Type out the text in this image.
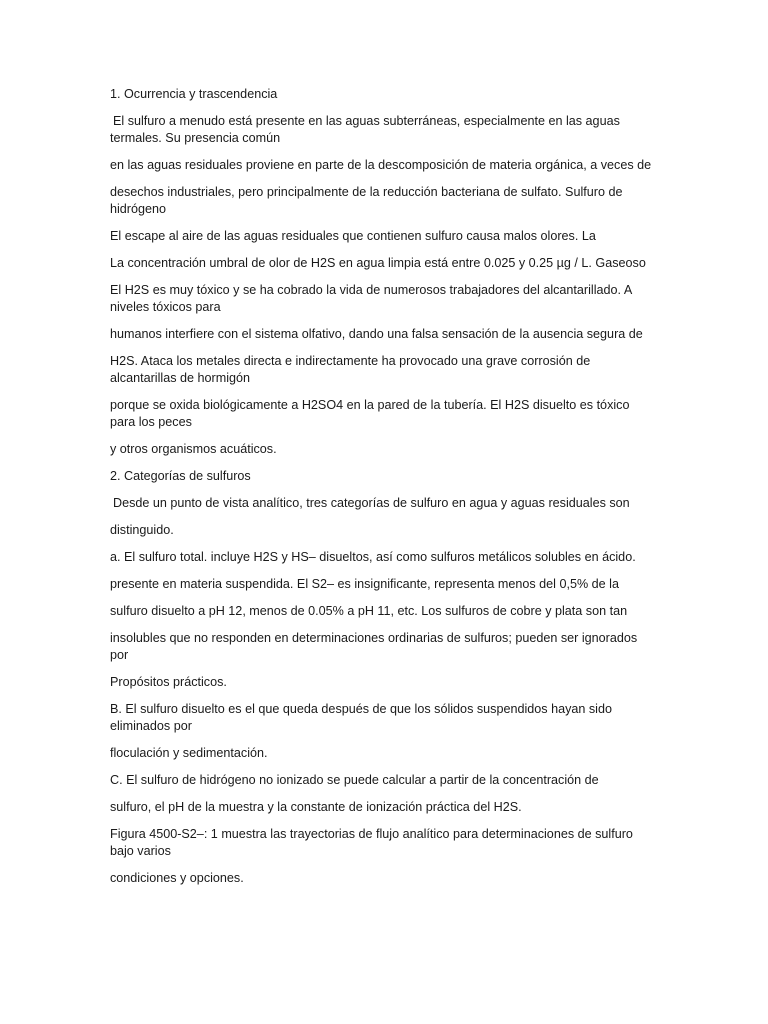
1. Ocurrencia y trascendencia

El sulfuro a menudo está presente en las aguas subterráneas, especialmente en las aguas termales. Su presencia común

en las aguas residuales proviene en parte de la descomposición de materia orgánica, a veces de

desechos industriales, pero principalmente de la reducción bacteriana de sulfato. Sulfuro de hidrógeno

El escape al aire de las aguas residuales que contienen sulfuro causa malos olores. La

La concentración umbral de olor de H2S en agua limpia está entre 0.025 y 0.25 µg / L. Gaseoso

El H2S es muy tóxico y se ha cobrado la vida de numerosos trabajadores del alcantarillado. A niveles tóxicos para

humanos interfiere con el sistema olfativo, dando una falsa sensación de la ausencia segura de

H2S. Ataca los metales directa e indirectamente ha provocado una grave corrosión de alcantarillas de hormigón

porque se oxida biológicamente a H2SO4 en la pared de la tubería. El H2S disuelto es tóxico para los peces

y otros organismos acuáticos.

2. Categorías de sulfuros

Desde un punto de vista analítico, tres categorías de sulfuro en agua y aguas residuales son

distinguido.

a. El sulfuro total. incluye H2S y HS– disueltos, así como sulfuros metálicos solubles en ácido.

presente en materia suspendida. El S2– es insignificante, representa menos del 0,5% de la

sulfuro disuelto a pH 12, menos de 0.05% a pH 11, etc. Los sulfuros de cobre y plata son tan

insolubles que no responden en determinaciones ordinarias de sulfuros; pueden ser ignorados por

Propósitos prácticos.

B. El sulfuro disuelto es el que queda después de que los sólidos suspendidos hayan sido eliminados por

floculación y sedimentación.

C. El sulfuro de hidrógeno no ionizado se puede calcular a partir de la concentración de

sulfuro, el pH de la muestra y la constante de ionización práctica del H2S.

Figura 4500-S2–: 1 muestra las trayectorias de flujo analítico para determinaciones de sulfuro bajo varios

condiciones y opciones.
